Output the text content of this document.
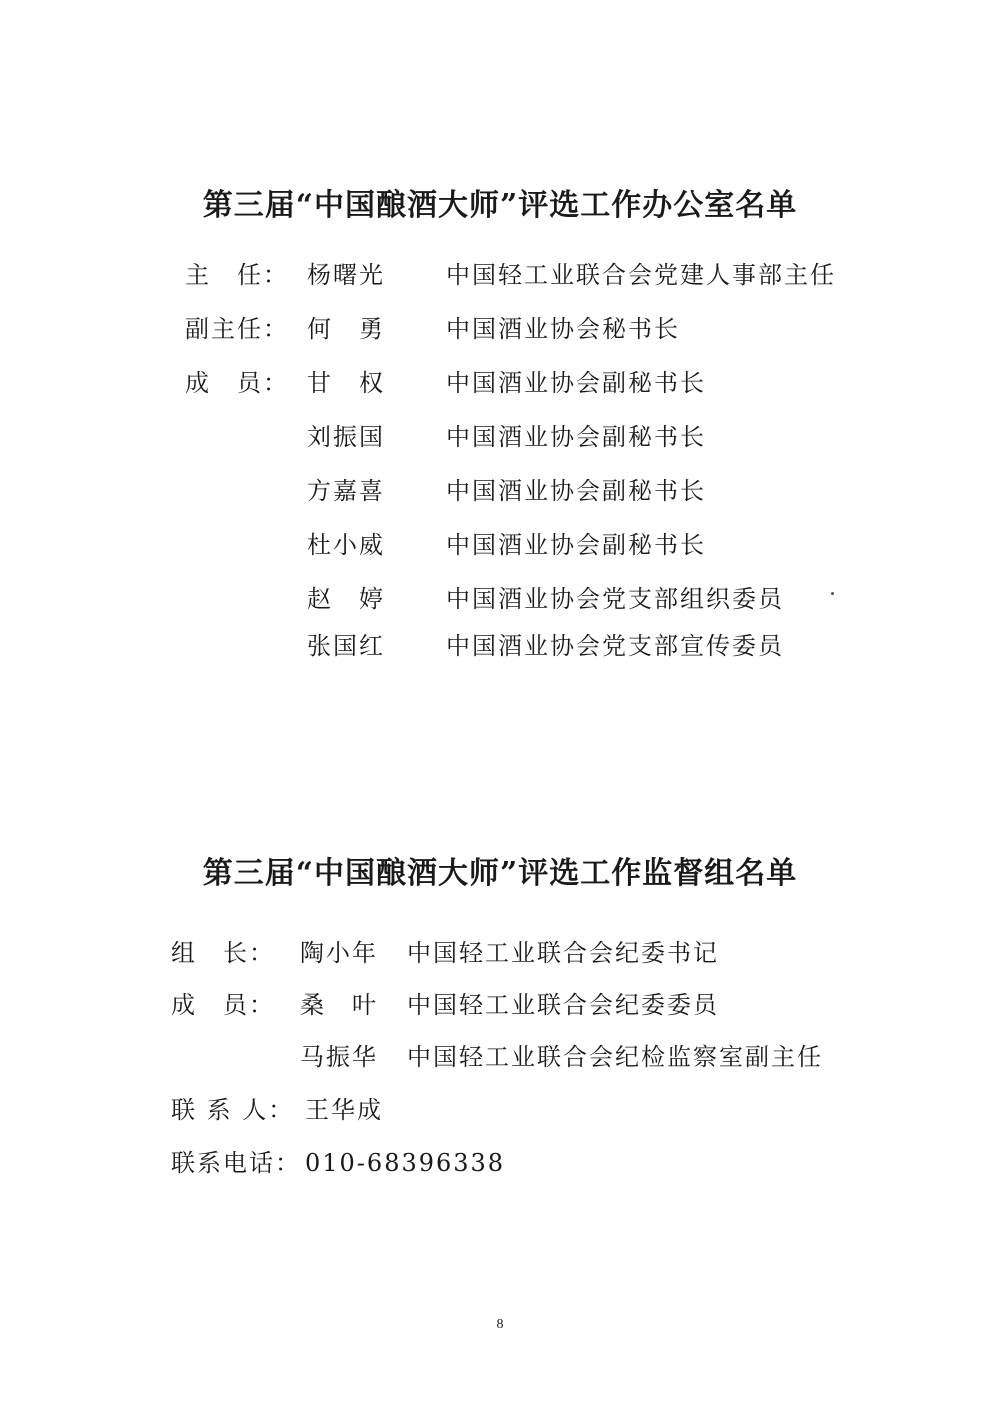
第三届“中国酿酒大师”评选工作办公室名单
主　任： 杨曙光	中国轻工业联合会党建人事部主任
副主任： 何　勇	中国酒业协会秘书长
成　员： 甘　权	中国酒业协会副秘书长
刘振国	中国酒业协会副秘书长
方嘉喜	中国酒业协会副秘书长
杜小威	中国酒业协会副秘书长
赵　婷	中国酒业协会党支部组织委员
张国红	中国酒业协会党支部宣传委员
第三届“中国酿酒大师”评选工作监督组名单
组　长：	陶小年	中国轻工业联合会纪委书记
成　员：	桑　叶	中国轻工业联合会纪委委员
马振华	中国轻工业联合会纪检监察室副主任
联 系 人： 王华成
联系电话： 010-68396338
8
